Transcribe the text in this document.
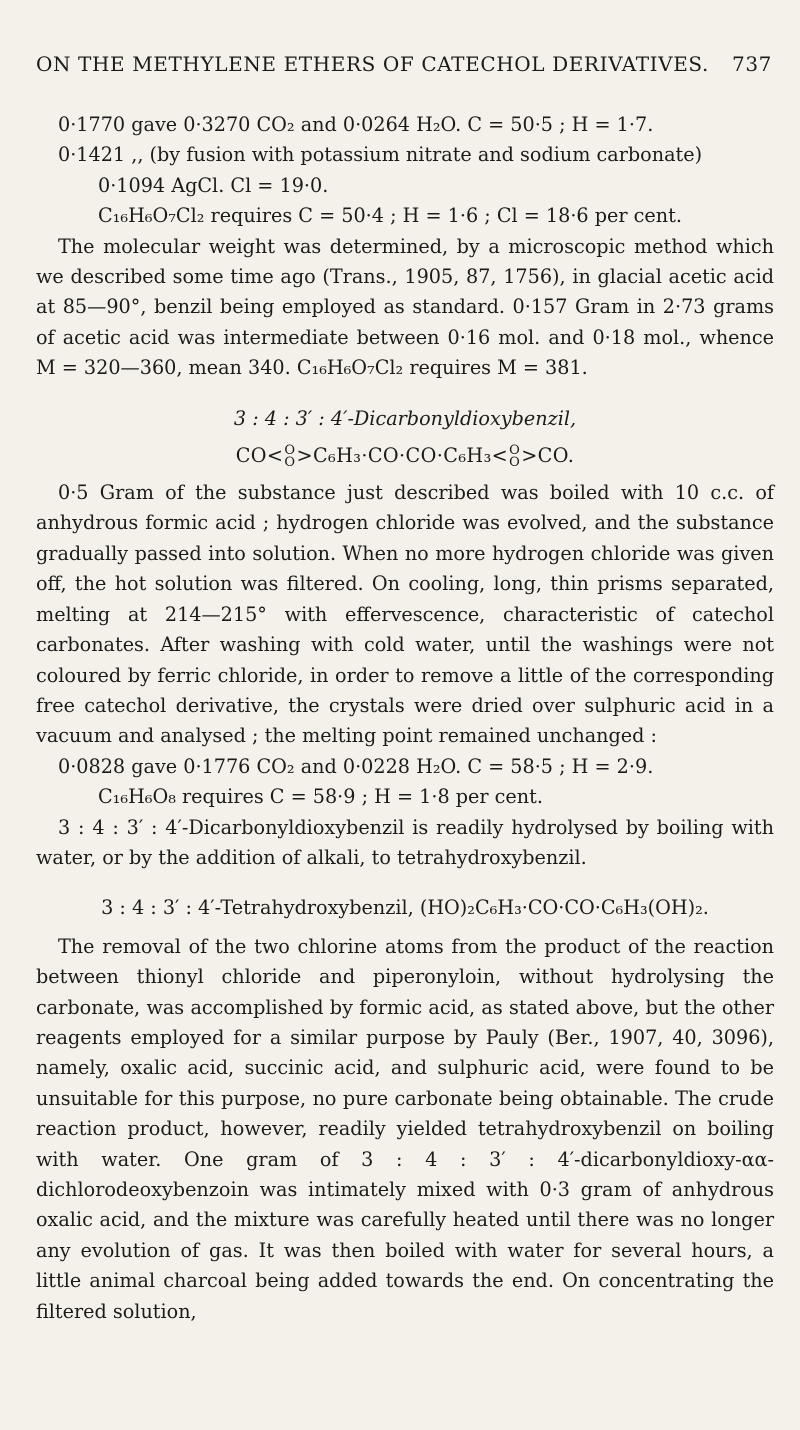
ON THE METHYLENE ETHERS OF CATECHOL DERIVATIVES. 737
0·1770 gave 0·3270 CO₂ and 0·0264 H₂O. C = 50·5 ; H = 1·7.
0·1421 ,, (by fusion with potassium nitrate and sodium carbonate)
0·1094 AgCl. Cl = 19·0.
C₁₆H₆O₇Cl₂ requires C = 50·4 ; H = 1·6 ; Cl = 18·6 per cent.
The molecular weight was determined, by a microscopic method which we described some time ago (Trans., 1905, 87, 1756), in glacial acetic acid at 85—90°, benzil being employed as standard. 0·157 Gram in 2·73 grams of acetic acid was intermediate between 0·16 mol. and 0·18 mol., whence M = 320—360, mean 340. C₁₆H₆O₇Cl₂ requires M = 381.
3 : 4 : 3′ : 4′-Dicarbonyldioxybenzil,
CO< O
O >C₆H₃·CO·CO·C₆H₃< O
O >CO.
0·5 Gram of the substance just described was boiled with 10 c.c. of anhydrous formic acid ; hydrogen chloride was evolved, and the substance gradually passed into solution. When no more hydrogen chloride was given off, the hot solution was filtered. On cooling, long, thin prisms separated, melting at 214—215° with effervescence, characteristic of catechol carbonates. After washing with cold water, until the washings were not coloured by ferric chloride, in order to remove a little of the corresponding free catechol derivative, the crystals were dried over sulphuric acid in a vacuum and analysed ; the melting point remained unchanged :
0·0828 gave 0·1776 CO₂ and 0·0228 H₂O. C = 58·5 ; H = 2·9.
C₁₆H₆O₈ requires C = 58·9 ; H = 1·8 per cent.
3 : 4 : 3′ : 4′-Dicarbonyldioxybenzil is readily hydrolysed by boiling with water, or by the addition of alkali, to tetrahydroxybenzil.
3 : 4 : 3′ : 4′-Tetrahydroxybenzil, (HO)₂C₆H₃·CO·CO·C₆H₃(OH)₂.
The removal of the two chlorine atoms from the product of the reaction between thionyl chloride and piperonyloin, without hydrolysing the carbonate, was accomplished by formic acid, as stated above, but the other reagents employed for a similar purpose by Pauly (Ber., 1907, 40, 3096), namely, oxalic acid, succinic acid, and sulphuric acid, were found to be unsuitable for this purpose, no pure carbonate being obtainable. The crude reaction product, however, readily yielded tetrahydroxybenzil on boiling with water. One gram of 3 : 4 : 3′ : 4′-dicarbonyldioxy-αα-dichlorodeoxybenzoin was intimately mixed with 0·3 gram of anhydrous oxalic acid, and the mixture was carefully heated until there was no longer any evolution of gas. It was then boiled with water for several hours, a little animal charcoal being added towards the end. On concentrating the filtered solution,
